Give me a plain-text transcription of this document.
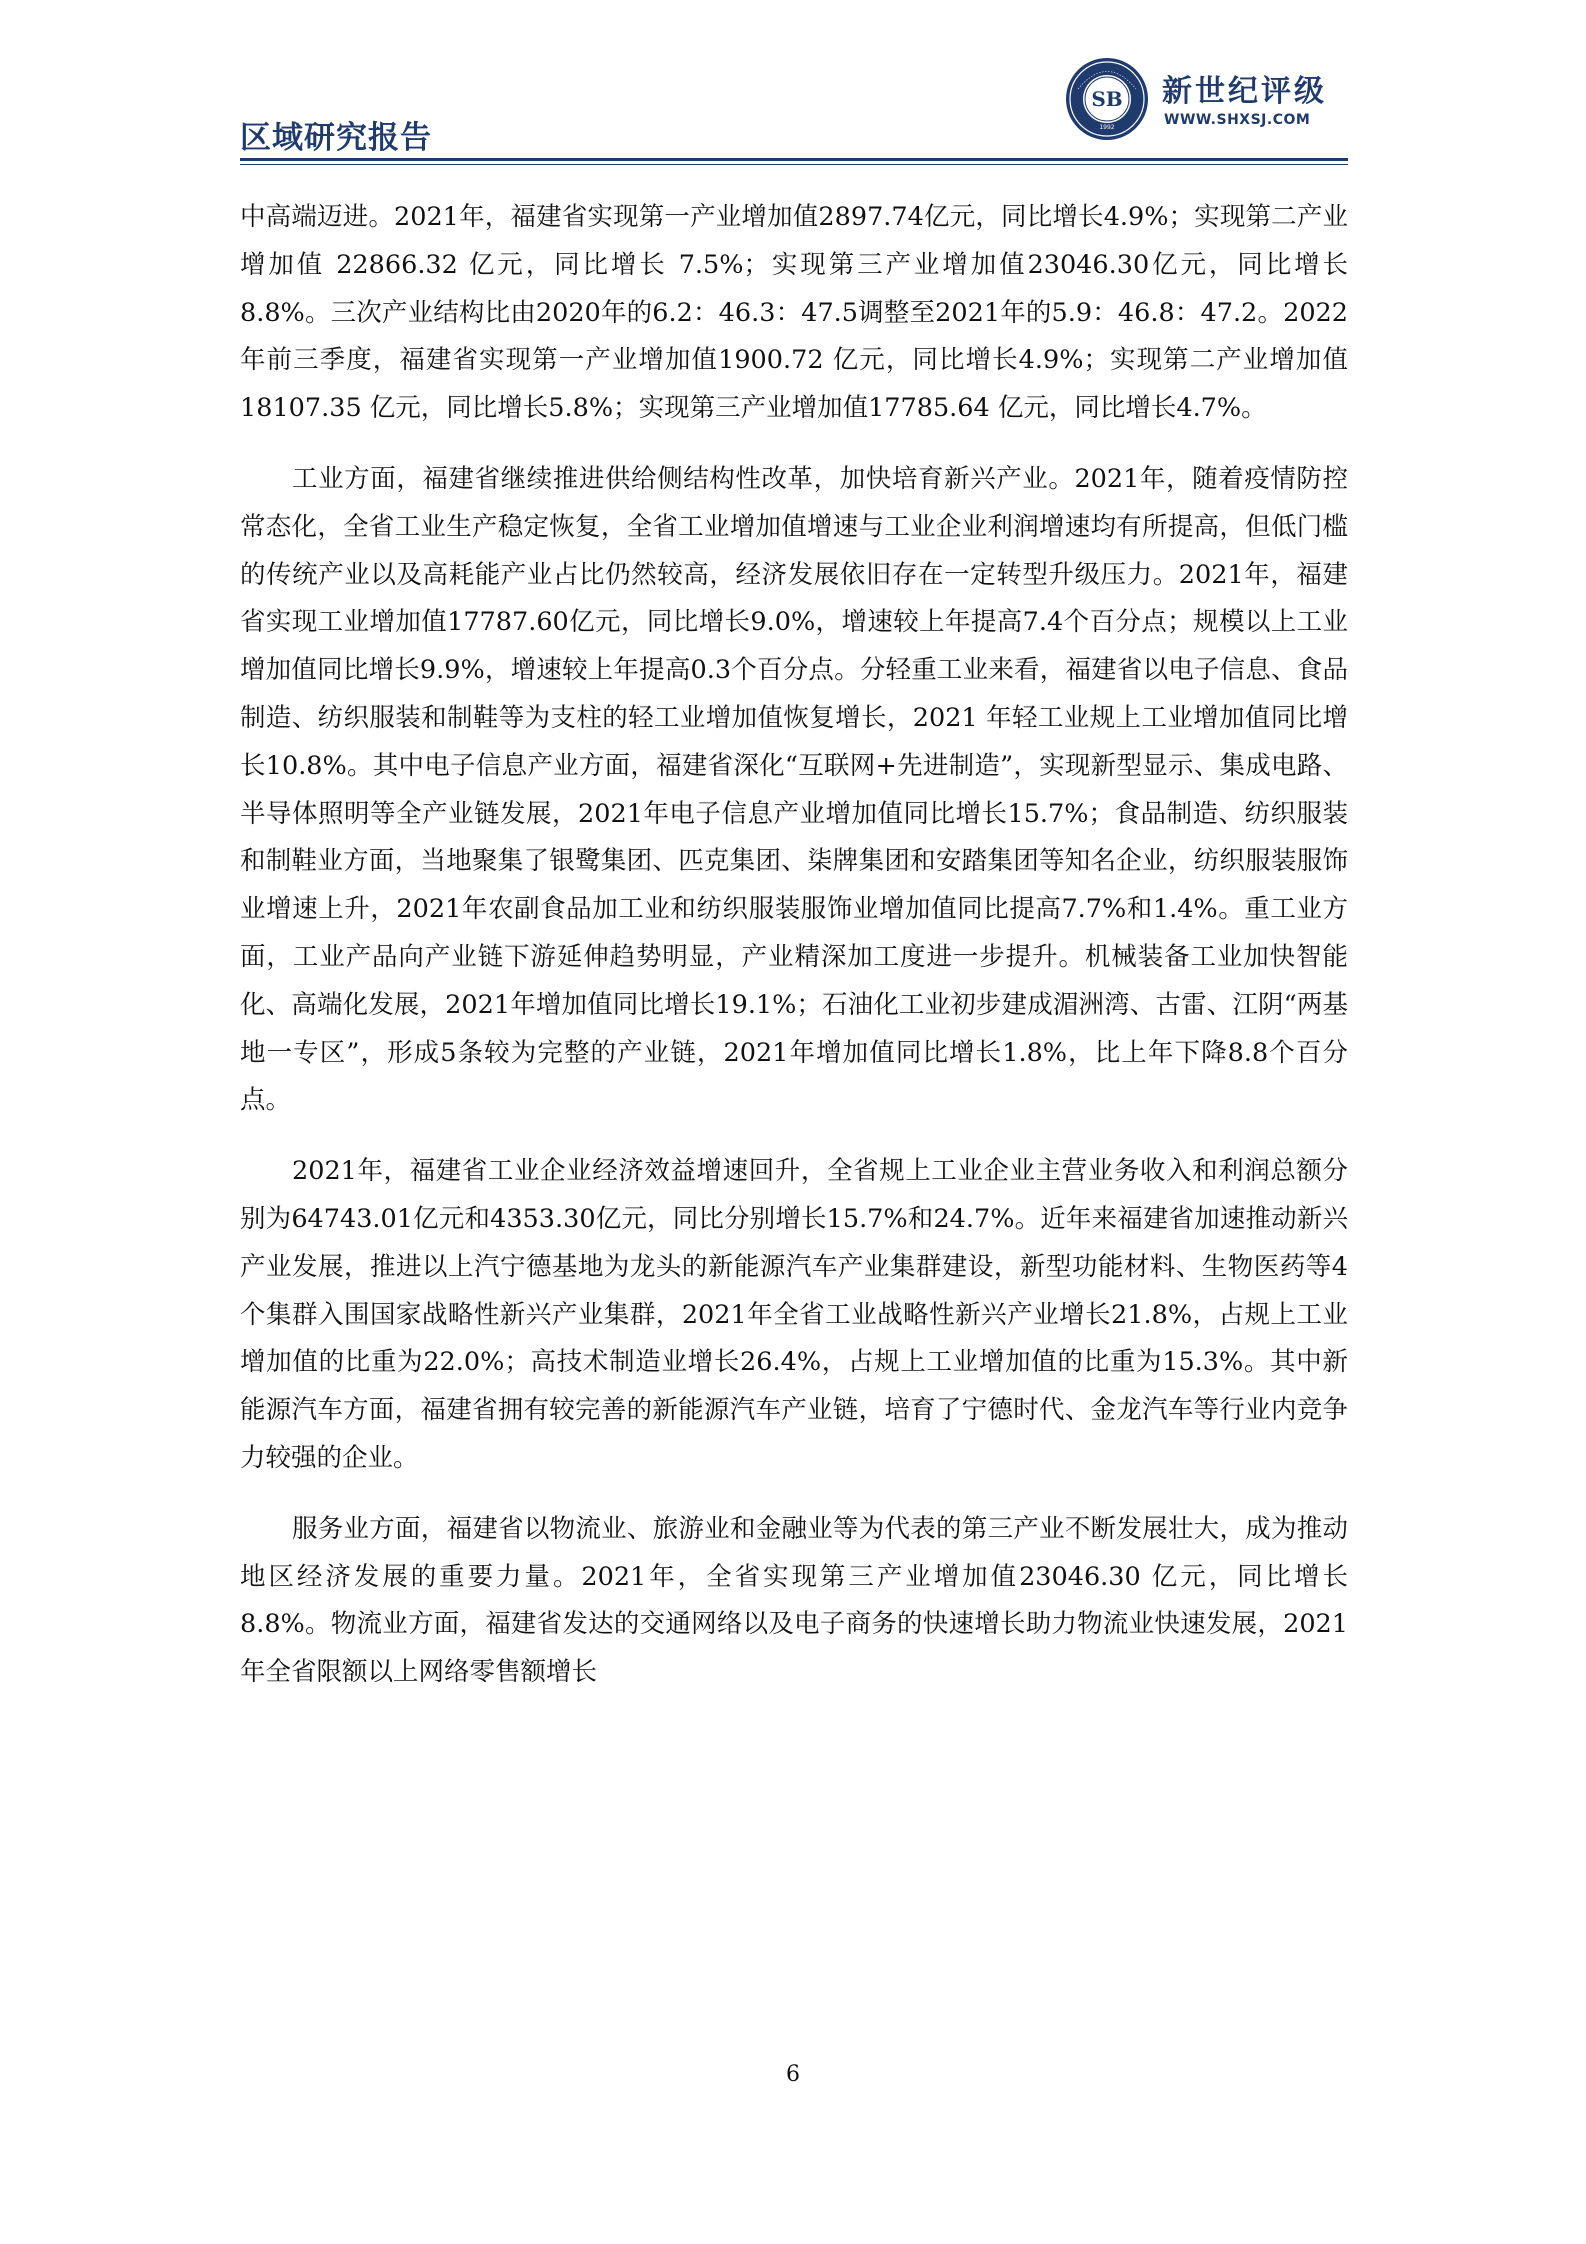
区域研究报告
SB
1992
新世纪评级
WWW.SHXSJ.COM

中高端迈进。2021年，福建省实现第一产业增加值2897.74亿元，同比增长4.9%；实现第二产业增加值 22866.32 亿元，同比增长 7.5%；实现第三产业增加值23046.30亿元，同比增长8.8%。三次产业结构比由2020年的6.2：46.3：47.5调整至2021年的5.9：46.8：47.2。2022年前三季度，福建省实现第一产业增加值1900.72 亿元，同比增长4.9%；实现第二产业增加值18107.35 亿元，同比增长5.8%；实现第三产业增加值17785.64 亿元，同比增长4.7%。

工业方面，福建省继续推进供给侧结构性改革，加快培育新兴产业。2021年，随着疫情防控常态化，全省工业生产稳定恢复，全省工业增加值增速与工业企业利润增速均有所提高，但低门槛的传统产业以及高耗能产业占比仍然较高，经济发展依旧存在一定转型升级压力。2021年，福建省实现工业增加值17787.60亿元，同比增长9.0%，增速较上年提高7.4个百分点；规模以上工业增加值同比增长9.9%，增速较上年提高0.3个百分点。分轻重工业来看，福建省以电子信息、食品制造、纺织服装和制鞋等为支柱的轻工业增加值恢复增长，2021 年轻工业规上工业增加值同比增长10.8%。其中电子信息产业方面，福建省深化“互联网+先进制造”，实现新型显示、集成电路、半导体照明等全产业链发展，2021年电子信息产业增加值同比增长15.7%；食品制造、纺织服装和制鞋业方面，当地聚集了银鹭集团、匹克集团、柒牌集团和安踏集团等知名企业，纺织服装服饰业增速上升，2021年农副食品加工业和纺织服装服饰业增加值同比提高7.7%和1.4%。重工业方面，工业产品向产业链下游延伸趋势明显，产业精深加工度进一步提升。机械装备工业加快智能化、高端化发展，2021年增加值同比增长19.1%；石油化工业初步建成湄洲湾、古雷、江阴“两基地一专区”，形成5条较为完整的产业链，2021年增加值同比增长1.8%，比上年下降8.8个百分点。

2021年，福建省工业企业经济效益增速回升，全省规上工业企业主营业务收入和利润总额分别为64743.01亿元和4353.30亿元，同比分别增长15.7%和24.7%。近年来福建省加速推动新兴产业发展，推进以上汽宁德基地为龙头的新能源汽车产业集群建设，新型功能材料、生物医药等4个集群入围国家战略性新兴产业集群，2021年全省工业战略性新兴产业增长21.8%，占规上工业增加值的比重为22.0%；高技术制造业增长26.4%，占规上工业增加值的比重为15.3%。其中新能源汽车方面，福建省拥有较完善的新能源汽车产业链，培育了宁德时代、金龙汽车等行业内竞争力较强的企业。

服务业方面，福建省以物流业、旅游业和金融业等为代表的第三产业不断发展壮大，成为推动地区经济发展的重要力量。2021年，全省实现第三产业增加值23046.30 亿元，同比增长 8.8%。物流业方面，福建省发达的交通网络以及电子商务的快速增长助力物流业快速发展，2021 年全省限额以上网络零售额增长

6
